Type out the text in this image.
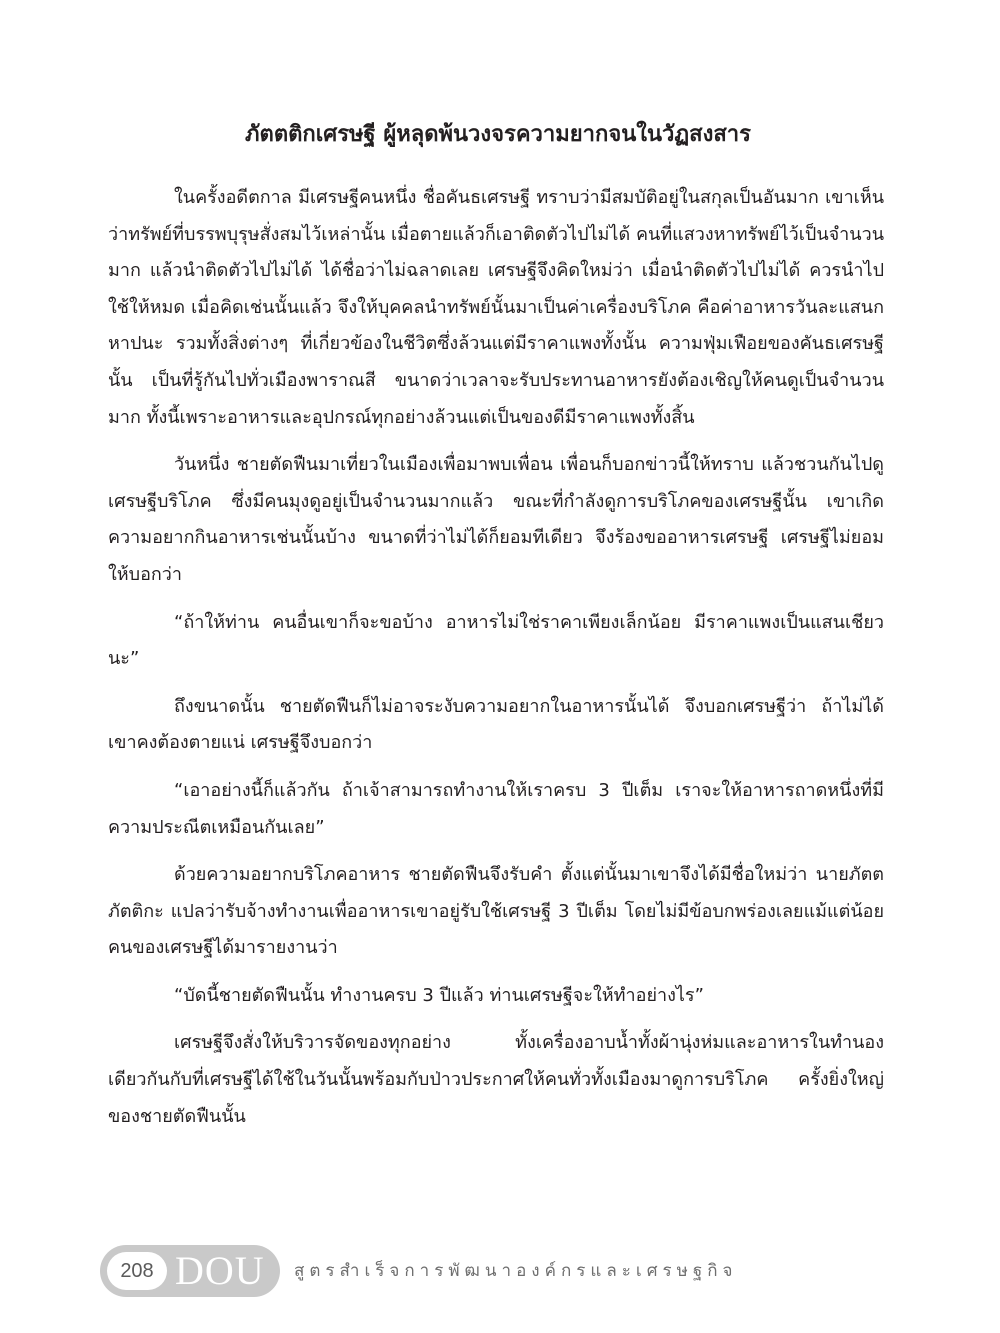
ภัตตติกเศรษฐี ผู้หลุดพ้นวงจรความยากจนในวัฏสงสาร

ในครั้งอดีตกาล มีเศรษฐีคนหนึ่ง ชื่อคันธเศรษฐี ทราบว่ามีสมบัติอยู่ในสกุลเป็นอันมาก เขาเห็นว่าทรัพย์ที่บรรพบุรุษสั่งสมไว้เหล่านั้น เมื่อตายแล้วก็เอาติดตัวไปไม่ได้ คนที่แสวงหาทรัพย์ไว้เป็นจำนวนมาก แล้วนำติดตัวไปไม่ได้ ได้ชื่อว่าไม่ฉลาดเลย เศรษฐีจึงคิดใหม่ว่า เมื่อนำติดตัวไปไม่ได้ ควรนำไปใช้ให้หมด เมื่อคิดเช่นนั้นแล้ว จึงให้บุคคลนำทรัพย์นั้นมาเป็นค่าเครื่องบริโภค คือค่าอาหารวันละแสนกหาปนะ รวมทั้งสิ่งต่างๆ ที่เกี่ยวข้องในชีวิตซึ่งล้วนแต่มีราคาแพงทั้งนั้น ความฟุ่มเฟือยของคันธเศรษฐีนั้น เป็นที่รู้กันไปทั่วเมืองพาราณสี ขนาดว่าเวลาจะรับประทานอาหารยังต้องเชิญให้คนดูเป็นจำนวนมาก ทั้งนี้เพราะอาหารและอุปกรณ์ทุกอย่างล้วนแต่เป็นของดีมีราคาแพงทั้งสิ้น

วันหนึ่ง ชายตัดฟืนมาเที่ยวในเมืองเพื่อมาพบเพื่อน เพื่อนก็บอกข่าวนี้ให้ทราบ แล้วชวนกันไปดูเศรษฐีบริโภค ซึ่งมีคนมุงดูอยู่เป็นจำนวนมากแล้ว ขณะที่กำลังดูการบริโภคของเศรษฐีนั้น เขาเกิดความอยากกินอาหารเช่นนั้นบ้าง ขนาดที่ว่าไม่ได้ก็ยอมทีเดียว จึงร้องขออาหารเศรษฐี เศรษฐีไม่ยอมให้บอกว่า

“ถ้าให้ท่าน คนอื่นเขาก็จะขอบ้าง อาหารไม่ใช่ราคาเพียงเล็กน้อย มีราคาแพงเป็นแสนเชียวนะ”

ถึงขนาดนั้น ชายตัดฟืนก็ไม่อาจระงับความอยากในอาหารนั้นได้ จึงบอกเศรษฐีว่า ถ้าไม่ได้ เขาคงต้องตายแน่ เศรษฐีจึงบอกว่า

“เอาอย่างนี้ก็แล้วกัน ถ้าเจ้าสามารถทำงานให้เราครบ 3 ปีเต็ม เราจะให้อาหารถาดหนึ่งที่มีความประณีตเหมือนกันเลย”

ด้วยความอยากบริโภคอาหาร ชายตัดฟืนจึงรับคำ ตั้งแต่นั้นมาเขาจึงได้มีชื่อใหม่ว่า นายภัตตภัตติกะ แปลว่ารับจ้างทำงานเพื่ออาหารเขาอยู่รับใช้เศรษฐี 3 ปีเต็ม โดยไม่มีข้อบกพร่องเลยแม้แต่น้อยคนของเศรษฐีได้มารายงานว่า

“บัดนี้ชายตัดฟืนนั้น ทำงานครบ 3 ปีแล้ว ท่านเศรษฐีจะให้ทำอย่างไร”

เศรษฐีจึงสั่งให้บริวารจัดของทุกอย่าง ทั้งเครื่องอาบน้ำทั้งผ้านุ่งห่มและอาหารในทำนองเดียวกันกับที่เศรษฐีได้ใช้ในวันนั้นพร้อมกับป่าวประกาศให้คนทั่วทั้งเมืองมาดูการบริโภค ครั้งยิ่งใหญ่ของชายตัดฟืนนั้น

208 DOU สูตรสำเร็จการพัฒนาองค์กรและเศรษฐกิจ
